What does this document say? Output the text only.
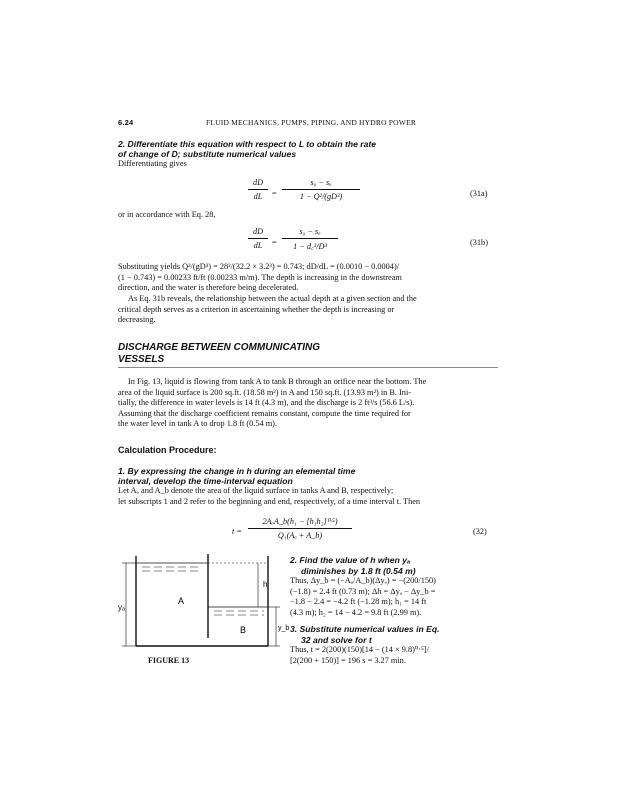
6.24	FLUID MECHANICS, PUMPS, PIPING, AND HYDRO POWER
2. Differentiate this equation with respect to L to obtain the rate
of change of D; substitute numerical values
Differentiating gives
dD
dL	=
s₀ − sₐ
1 − Q²/(gD³)	(31a)
or in accordance with Eq. 28,
dD
dL	=
s₀ − sₐ
1 − d꜀³/D³	(31b)
Substituting yields Q²/(gD³) = 28²/(32.2 × 3.2³) = 0.743; dD/dL = (0.0010 − 0.0004)/
(1 − 0.743) = 0.00233 ft/ft (0.00233 m/m). The depth is increasing in the downstream
direction, and the water is therefore being decelerated.
As Eq. 31b reveals, the relationship between the actual depth at a given section and the
critical depth serves as a criterion in ascertaining whether the depth is increasing or
decreasing.
DISCHARGE BETWEEN COMMUNICATING
VESSELS
In Fig. 13, liquid is flowing from tank A to tank B through an orifice near the bottom. The
area of the liquid surface is 200 sq.ft. (18.58 m²) in A and 150 sq.ft. (13.93 m²) in B. Ini-
tially, the difference in water levels is 14 ft (4.3 m), and the discharge is 2 ft³/s (56.6 L/s).
Assuming that the discharge coefficient remains constant, compute the time required for
the water level in tank A to drop 1.8 ft (0.54 m).
Calculation Procedure:
1. By expressing the change in h during an elemental time
interval, develop the time-interval equation
Let Aₐ and A_b denote the area of the liquid surface in tanks A and B, respectively;
let subscripts 1 and 2 refer to the beginning and end, respectively, of a time interval t. Then
t =
2AₐA_b(h₁ − [h₁h₂]⁰·⁵)
Q₁(Aₐ + A_b)	(32)
h
A
B
yₐ
y_b
FIGURE 13
2. Find the value of h when yₐ
diminishes by 1.8 ft (0.54 m)
Thus, Δy_b = (−Aₐ/A_b)(Δyₐ) = −(200/150)
(−1.8) = 2.4 ft (0.73 m); Δh = Δyₐ − Δy_b =
−1.8 − 2.4 = −4.2 ft (−1.28 m); h₁ = 14 ft
(4.3 m); h₂ = 14 − 4.2 = 9.8 ft (2.99 m).
3. Substitute numerical values in Eq.
32 and solve for t
Thus, t = 2(200)(150)[14 − (14 × 9.8)⁰·⁵]/
[2(200 + 150)] = 196 s = 3.27 min.
